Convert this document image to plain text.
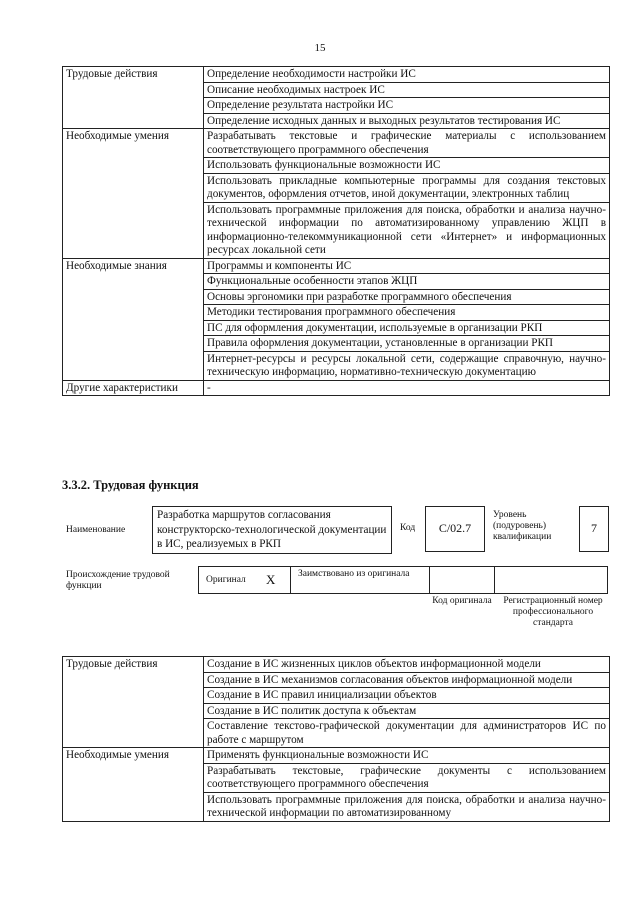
15
Трудовые действия	Определение необходимости настройки ИС
	Описание необходимых настроек ИС
	Определение результата настройки ИС
	Определение исходных данных и выходных результатов тестирования ИС
Необходимые умения	Разрабатывать текстовые и графические материалы с использованием соответствующего программного обеспечения
	Использовать функциональные возможности ИС
	Использовать прикладные компьютерные программы для создания текстовых документов, оформления отчетов, иной документации, электронных таблиц
	Использовать программные приложения для поиска, обработки и анализа научно-технической информации по автоматизированному управлению ЖЦП в информационно-телекоммуникационной сети «Интернет» и информационных ресурсах локальной сети
Необходимые знания	Программы и компоненты ИС
	Функциональные особенности этапов ЖЦП
	Основы эргономики при разработке программного обеспечения
	Методики тестирования программного обеспечения
	ПС для оформления документации, используемые в организации РКП
	Правила оформления документации, установленные в организации РКП
	Интернет-ресурсы и ресурсы локальной сети, содержащие справочную, научно-техническую информацию, нормативно-техническую документацию
Другие характеристики	-
3.3.2. Трудовая функция
Наименование
Разработка маршрутов согласования конструкторско-технологической документации в ИС, реализуемых в РКП
Код	С/02.7
Уровень (подуровень) квалификации
7
Происхождение трудовой функции
Оригинал X Заимствовано из оригинала
Код оригинала	Регистрационный номер профессионального стандарта
Трудовые действия	Создание в ИС жизненных циклов объектов информационной модели
	Создание в ИС механизмов согласования объектов информационной модели
	Создание в ИС правил инициализации объектов
	Создание в ИС политик доступа к объектам
	Составление текстово-графической документации для администраторов ИС по работе с маршрутом
Необходимые умения	Применять функциональные возможности ИС
	Разрабатывать текстовые, графические документы с использованием соответствующего программного обеспечения
	Использовать программные приложения для поиска, обработки и анализа научно-технической информации по автоматизированному
